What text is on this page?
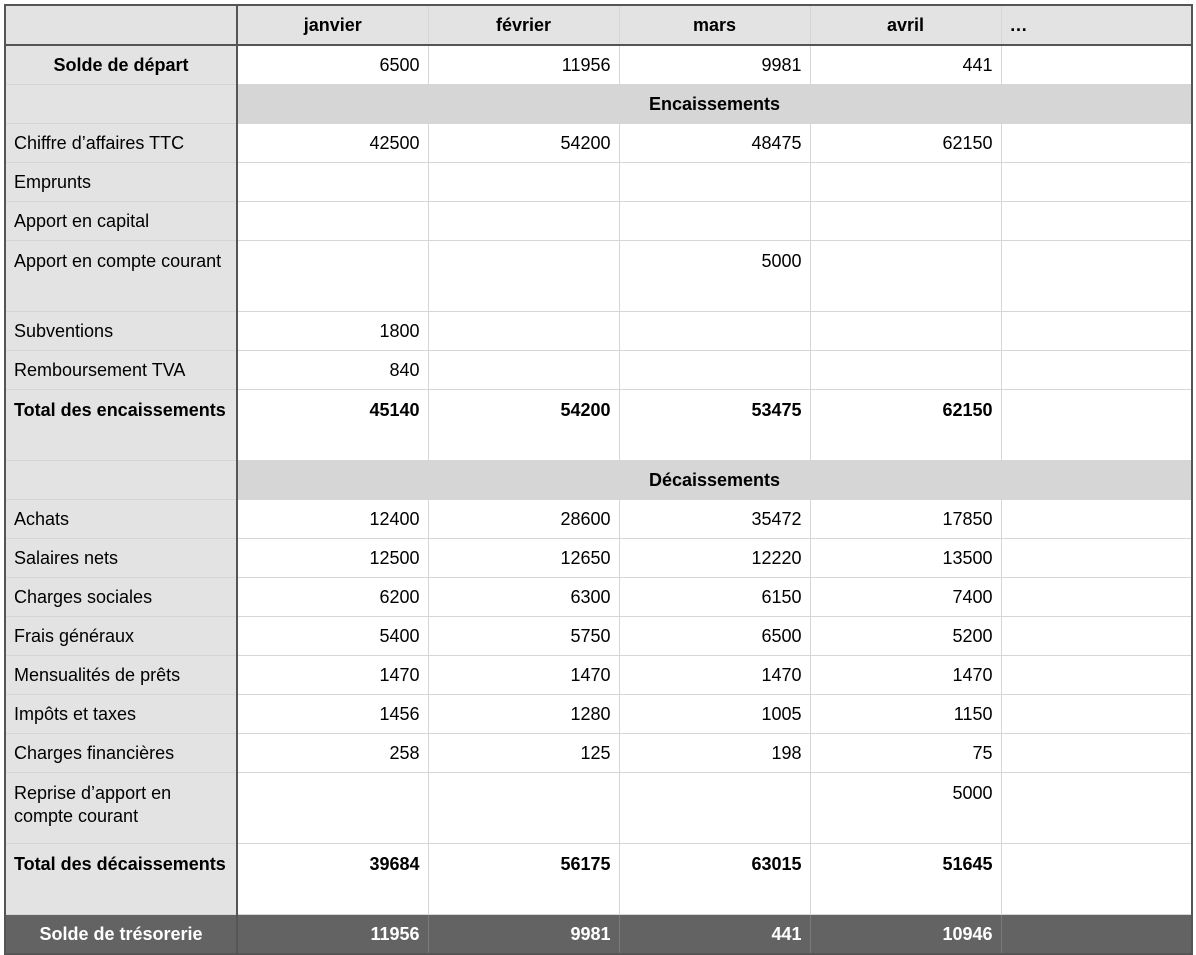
	janvier	février	mars	avril	…
Solde de départ	6500	11956	9981	441	
	Encaissements				
Chiffre d’affaires TTC	42500	54200	48475	62150	
Emprunts					
Apport en capital					
Apport en compte courant			5000		
Subventions	1800				
Remboursement TVA	840				
Total des encaissements	45140	54200	53475	62150	
	Décaissements				
Achats	12400	28600	35472	17850	
Salaires nets	12500	12650	12220	13500	
Charges sociales	6200	6300	6150	7400	
Frais généraux	5400	5750	6500	5200	
Mensualités de prêts	1470	1470	1470	1470	
Impôts et taxes	1456	1280	1005	1150	
Charges financières	258	125	198	75	
Reprise d’apport en compte courant				5000	
Total des décaissements	39684	56175	63015	51645	
Solde de trésorerie	11956	9981	441	10946	
